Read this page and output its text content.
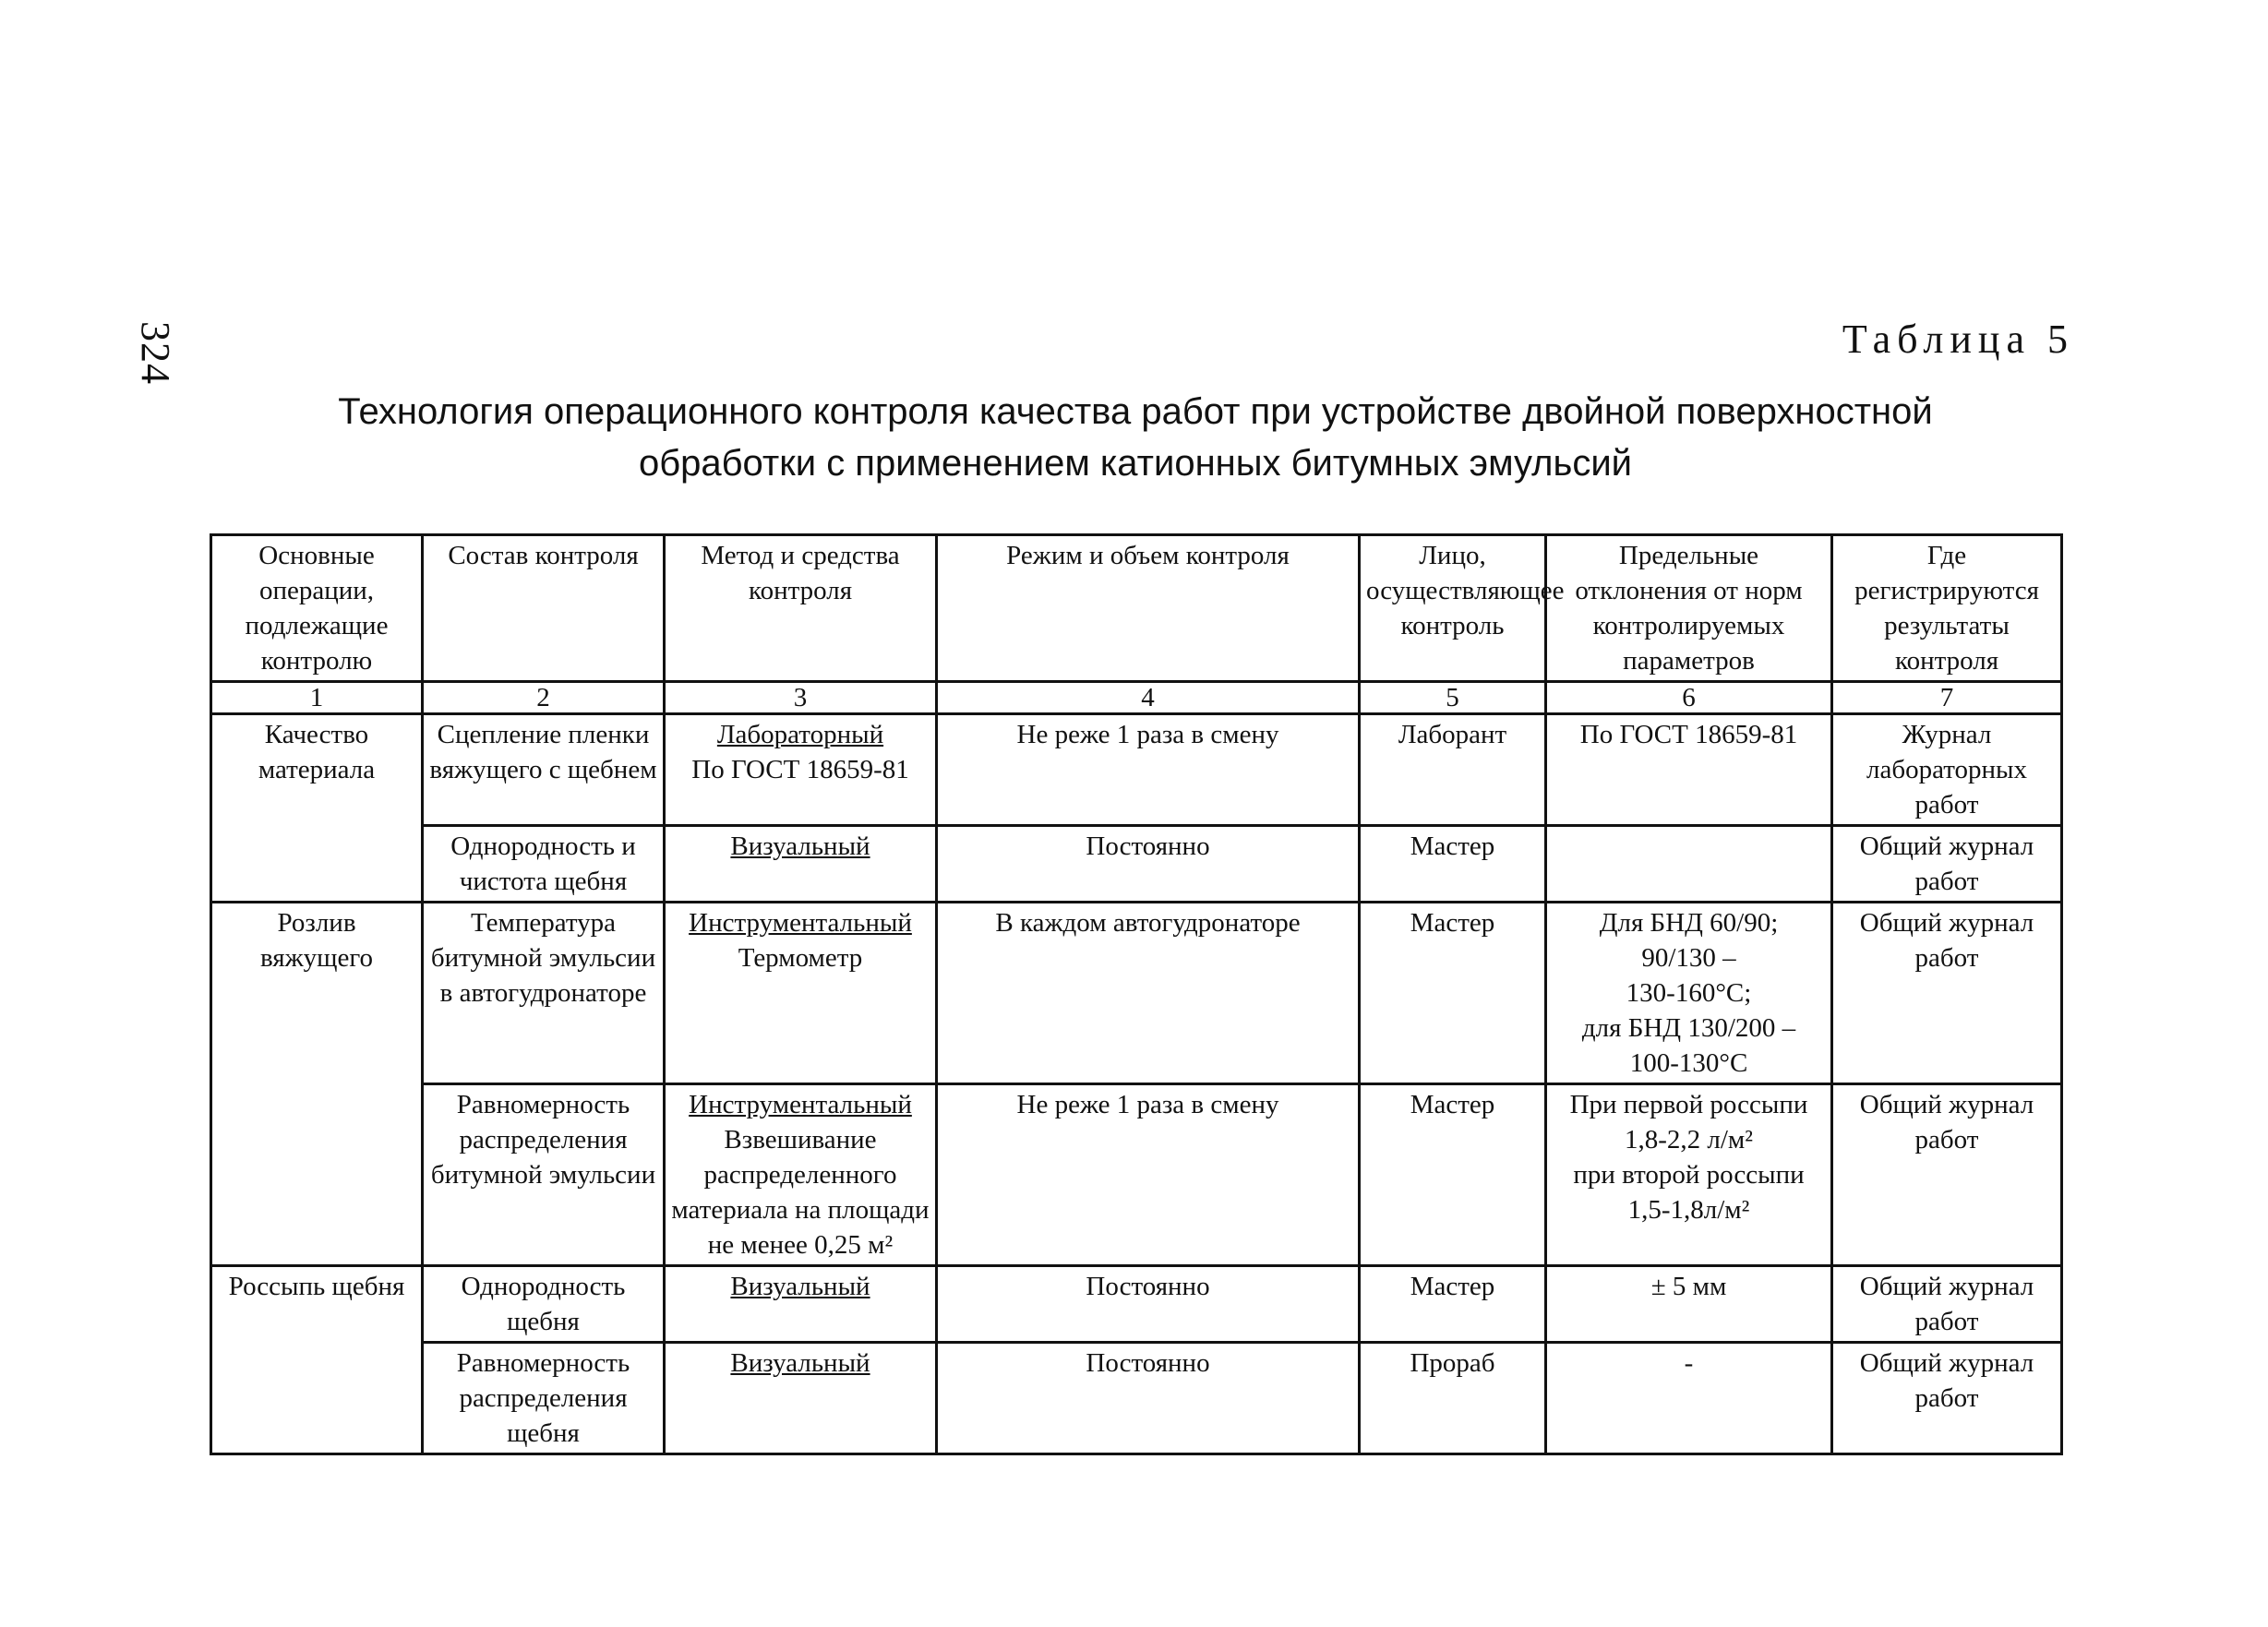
324	Таблица 5
Технология операционного контроля качества работ при устройстве двойной поверхностной
обработки с применением катионных битумных эмульсий
Основные операции, подлежащие контролю	Состав контроля	Метод и средства контроля	Режим и объем контроля	Лицо, осуществляющее контроль	Предельные отклонения от норм контролируемых параметров	Где регистрируются результаты контроля
1	2	3	4	5	6	7
Качество материала	Сцепление пленки вяжущего с щебнем	Лабораторный
По ГОСТ 18659-81	Не реже 1 раза в смену	Лаборант	По ГОСТ 18659-81	Журнал лабораторных работ
	Однородность и чистота щебня	Визуальный	Постоянно	Мастер		Общий журнал работ
Розлив вяжущего	Температура битумной эмульсии в автогудронаторе	Инструментальный
Термометр	В каждом автогудронаторе	Мастер	Для БНД 60/90;
90/130 –
130-160°С;
для БНД 130/200 –
100-130°С	Общий журнал работ
	Равномерность распределения битумной эмульсии	Инструментальный
Взвешивание распределенного материала на площади не менее 0,25 м²	Не реже 1 раза в смену	Мастер	При первой россыпи
1,8-2,2 л/м²
при второй россыпи
1,5-1,8л/м²	Общий журнал работ
Россыпь щебня	Однородность щебня	Визуальный	Постоянно	Мастер	± 5 мм	Общий журнал работ
	Равномерность распределения щебня	Визуальный	Постоянно	Прораб	-	Общий журнал работ
